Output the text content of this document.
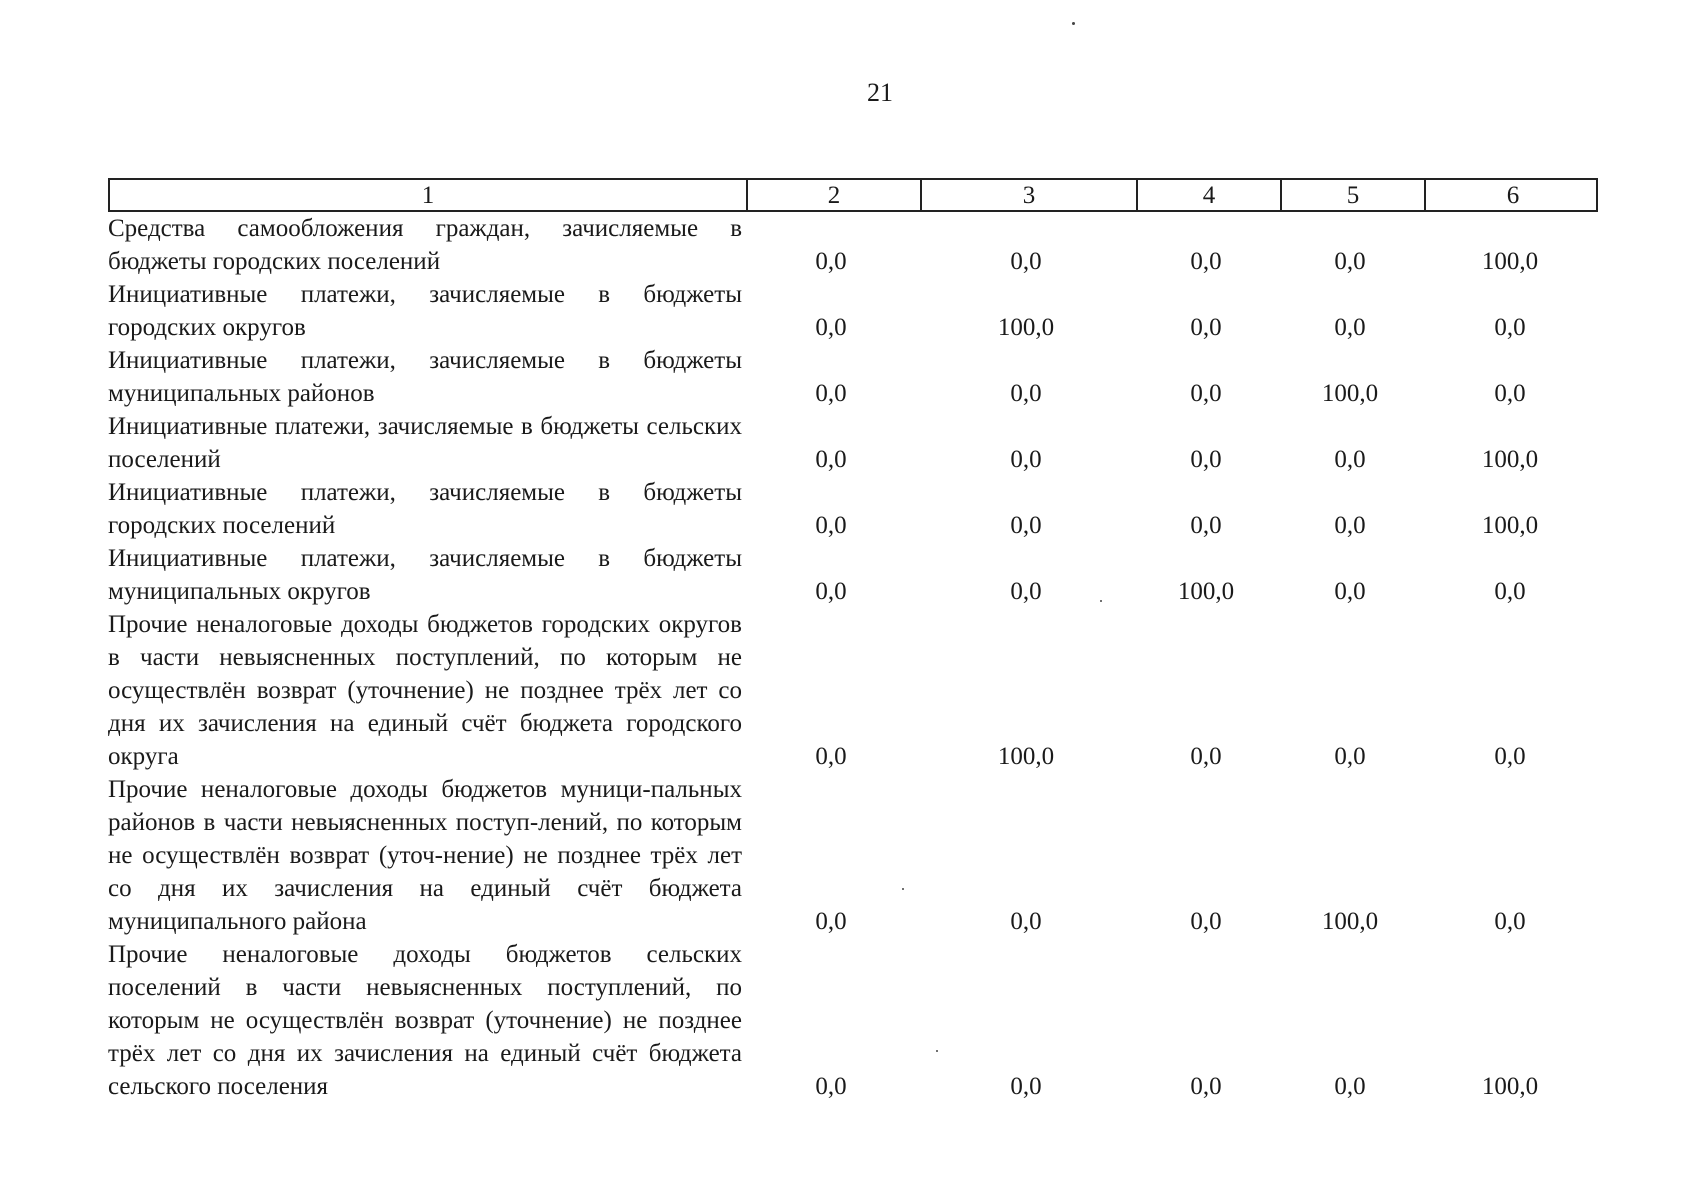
21
1	2	3	4	5	6
Средства самообложения граждан, зачисляемые в бюджеты городских поселений	0,0	0,0	0,0	0,0	100,0
Инициативные платежи, зачисляемые в бюджеты городских округов	0,0	100,0	0,0	0,0	0,0
Инициативные платежи, зачисляемые в бюджеты муниципальных районов	0,0	0,0	0,0	100,0	0,0
Инициативные платежи, зачисляемые в бюджеты сельских поселений	0,0	0,0	0,0	0,0	100,0
Инициативные платежи, зачисляемые в бюджеты городских поселений	0,0	0,0	0,0	0,0	100,0
Инициативные платежи, зачисляемые в бюджеты муниципальных округов	0,0	0,0	100,0	0,0	0,0
Прочие неналоговые доходы бюджетов городских округов в части невыясненных поступлений, по которым не осуществлён возврат (уточнение) не позднее трёх лет со дня их зачисления на единый счёт бюджета городского округа	0,0	100,0	0,0	0,0	0,0
Прочие неналоговые доходы бюджетов муници-пальных районов в части невыясненных поступ-лений, по которым не осуществлён возврат (уточ-нение) не позднее трёх лет со дня их зачисления на единый счёт бюджета муниципального района	0,0	0,0	0,0	100,0	0,0
Прочие неналоговые доходы бюджетов сельских поселений в части невыясненных поступлений, по которым не осуществлён возврат (уточнение) не позднее трёх лет со дня их зачисления на единый счёт бюджета сельского поселения	0,0	0,0	0,0	0,0	100,0
